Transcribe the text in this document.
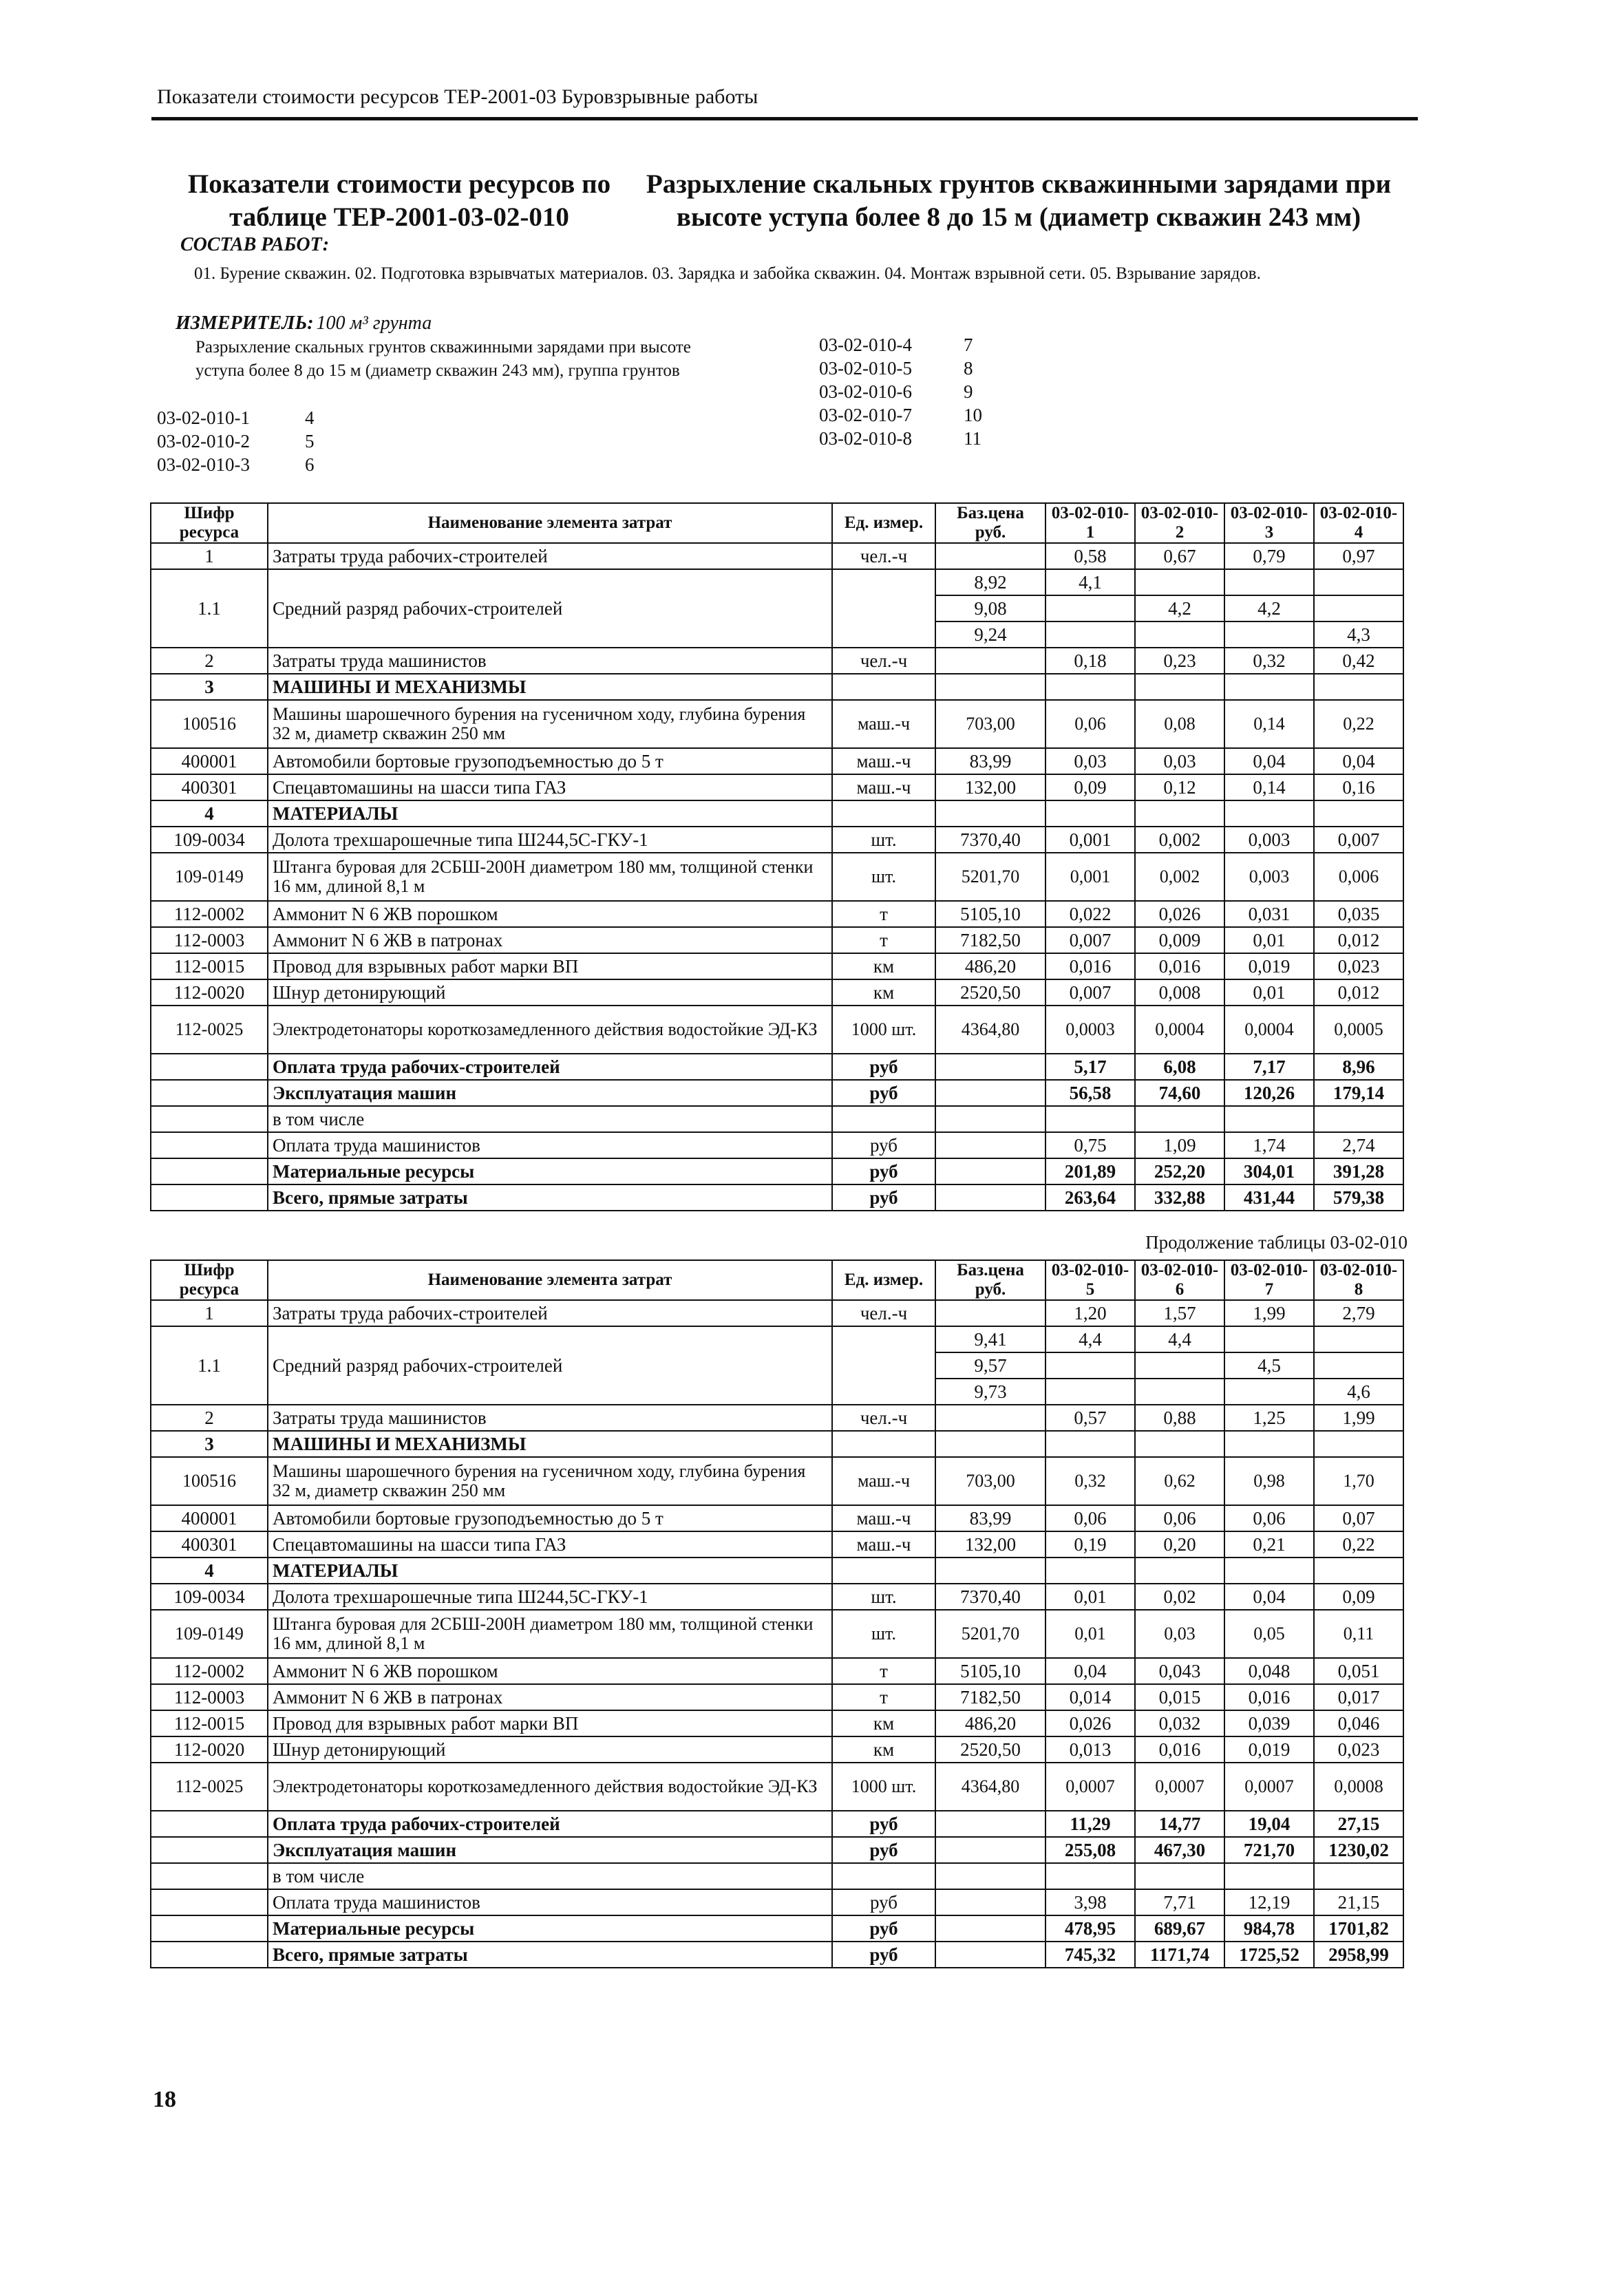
Показатели стоимости ресурсов ТЕР-2001-03 Буровзрывные работы
Показатели стоимости ресурсов по
таблице ТЕР-2001-03-02-010
Разрыхление скальных грунтов скважинными зарядами при
высоте уступа более 8 до 15 м (диаметр скважин 243 мм)
СОСТАВ РАБОТ:
01. Бурение скважин. 02. Подготовка взрывчатых материалов. 03. Зарядка и забойка скважин. 04. Монтаж взрывной сети. 05. Взрывание зарядов.
ИЗМЕРИТЕЛЬ: 100 м³ грунта
Разрыхление скальных грунтов скважинными зарядами при высоте уступа более 8 до 15 м (диаметр скважин 243 мм), группа грунтов
03-02-010-1	4
03-02-010-2	5
03-02-010-3	6
03-02-010-4	7
03-02-010-5	8
03-02-010-6	9
03-02-010-7	10
03-02-010-8	11
Шифр ресурса	Наименование элемента затрат	Ед. измер.	Баз.цена руб.	03-02-010-1	03-02-010-2	03-02-010-3	03-02-010-4
1	Затраты труда рабочих-строителей	чел.-ч		0,58	0,67	0,79	0,97
1.1	Средний разряд рабочих-строителей		8,92	4,1			
			9,08		4,2	4,2	
			9,24				4,3
2	Затраты труда машинистов	чел.-ч		0,18	0,23	0,32	0,42
3	МАШИНЫ И МЕХАНИЗМЫ						
100516	Машины шарошечного бурения на гусеничном ходу, глубина бурения 32 м, диаметр скважин 250 мм	маш.-ч	703,00	0,06	0,08	0,14	0,22
400001	Автомобили бортовые грузоподъемностью до 5 т	маш.-ч	83,99	0,03	0,03	0,04	0,04
400301	Спецавтомашины на шасси типа ГАЗ	маш.-ч	132,00	0,09	0,12	0,14	0,16
4	МАТЕРИАЛЫ						
109-0034	Долота трехшарошечные типа Ш244,5С-ГКУ-1	шт.	7370,40	0,001	0,002	0,003	0,007
109-0149	Штанга буровая для 2СБШ-200Н диаметром 180 мм, толщиной стенки 16 мм, длиной 8,1 м	шт.	5201,70	0,001	0,002	0,003	0,006
112-0002	Аммонит N 6 ЖВ порошком	т	5105,10	0,022	0,026	0,031	0,035
112-0003	Аммонит N 6 ЖВ в патронах	т	7182,50	0,007	0,009	0,01	0,012
112-0015	Провод для взрывных работ марки ВП	км	486,20	0,016	0,016	0,019	0,023
112-0020	Шнур детонирующий	км	2520,50	0,007	0,008	0,01	0,012
112-0025	Электродетонаторы короткозамедленного действия водостойкие ЭД-КЗ	1000 шт.	4364,80	0,0003	0,0004	0,0004	0,0005
	Оплата труда рабочих-строителей	руб		5,17	6,08	7,17	8,96
	Эксплуатация машин	руб		56,58	74,60	120,26	179,14
	в том числе						
	Оплата труда машинистов	руб		0,75	1,09	1,74	2,74
	Материальные ресурсы	руб		201,89	252,20	304,01	391,28
	Всего, прямые затраты	руб		263,64	332,88	431,44	579,38
Продолжение таблицы 03-02-010
Шифр ресурса	Наименование элемента затрат	Ед. измер.	Баз.цена руб.	03-02-010-5	03-02-010-6	03-02-010-7	03-02-010-8
1	Затраты труда рабочих-строителей	чел.-ч		1,20	1,57	1,99	2,79
1.1	Средний разряд рабочих-строителей		9,41	4,4	4,4		
			9,57			4,5	
			9,73				4,6
2	Затраты труда машинистов	чел.-ч		0,57	0,88	1,25	1,99
3	МАШИНЫ И МЕХАНИЗМЫ						
100516	Машины шарошечного бурения на гусеничном ходу, глубина бурения 32 м, диаметр скважин 250 мм	маш.-ч	703,00	0,32	0,62	0,98	1,70
400001	Автомобили бортовые грузоподъемностью до 5 т	маш.-ч	83,99	0,06	0,06	0,06	0,07
400301	Спецавтомашины на шасси типа ГАЗ	маш.-ч	132,00	0,19	0,20	0,21	0,22
4	МАТЕРИАЛЫ						
109-0034	Долота трехшарошечные типа Ш244,5С-ГКУ-1	шт.	7370,40	0,01	0,02	0,04	0,09
109-0149	Штанга буровая для 2СБШ-200Н диаметром 180 мм, толщиной стенки 16 мм, длиной 8,1 м	шт.	5201,70	0,01	0,03	0,05	0,11
112-0002	Аммонит N 6 ЖВ порошком	т	5105,10	0,04	0,043	0,048	0,051
112-0003	Аммонит N 6 ЖВ в патронах	т	7182,50	0,014	0,015	0,016	0,017
112-0015	Провод для взрывных работ марки ВП	км	486,20	0,026	0,032	0,039	0,046
112-0020	Шнур детонирующий	км	2520,50	0,013	0,016	0,019	0,023
112-0025	Электродетонаторы короткозамедленного действия водостойкие ЭД-КЗ	1000 шт.	4364,80	0,0007	0,0007	0,0007	0,0008
	Оплата труда рабочих-строителей	руб		11,29	14,77	19,04	27,15
	Эксплуатация машин	руб		255,08	467,30	721,70	1230,02
	в том числе						
	Оплата труда машинистов	руб		3,98	7,71	12,19	21,15
	Материальные ресурсы	руб		478,95	689,67	984,78	1701,82
	Всего, прямые затраты	руб		745,32	1171,74	1725,52	2958,99
18
